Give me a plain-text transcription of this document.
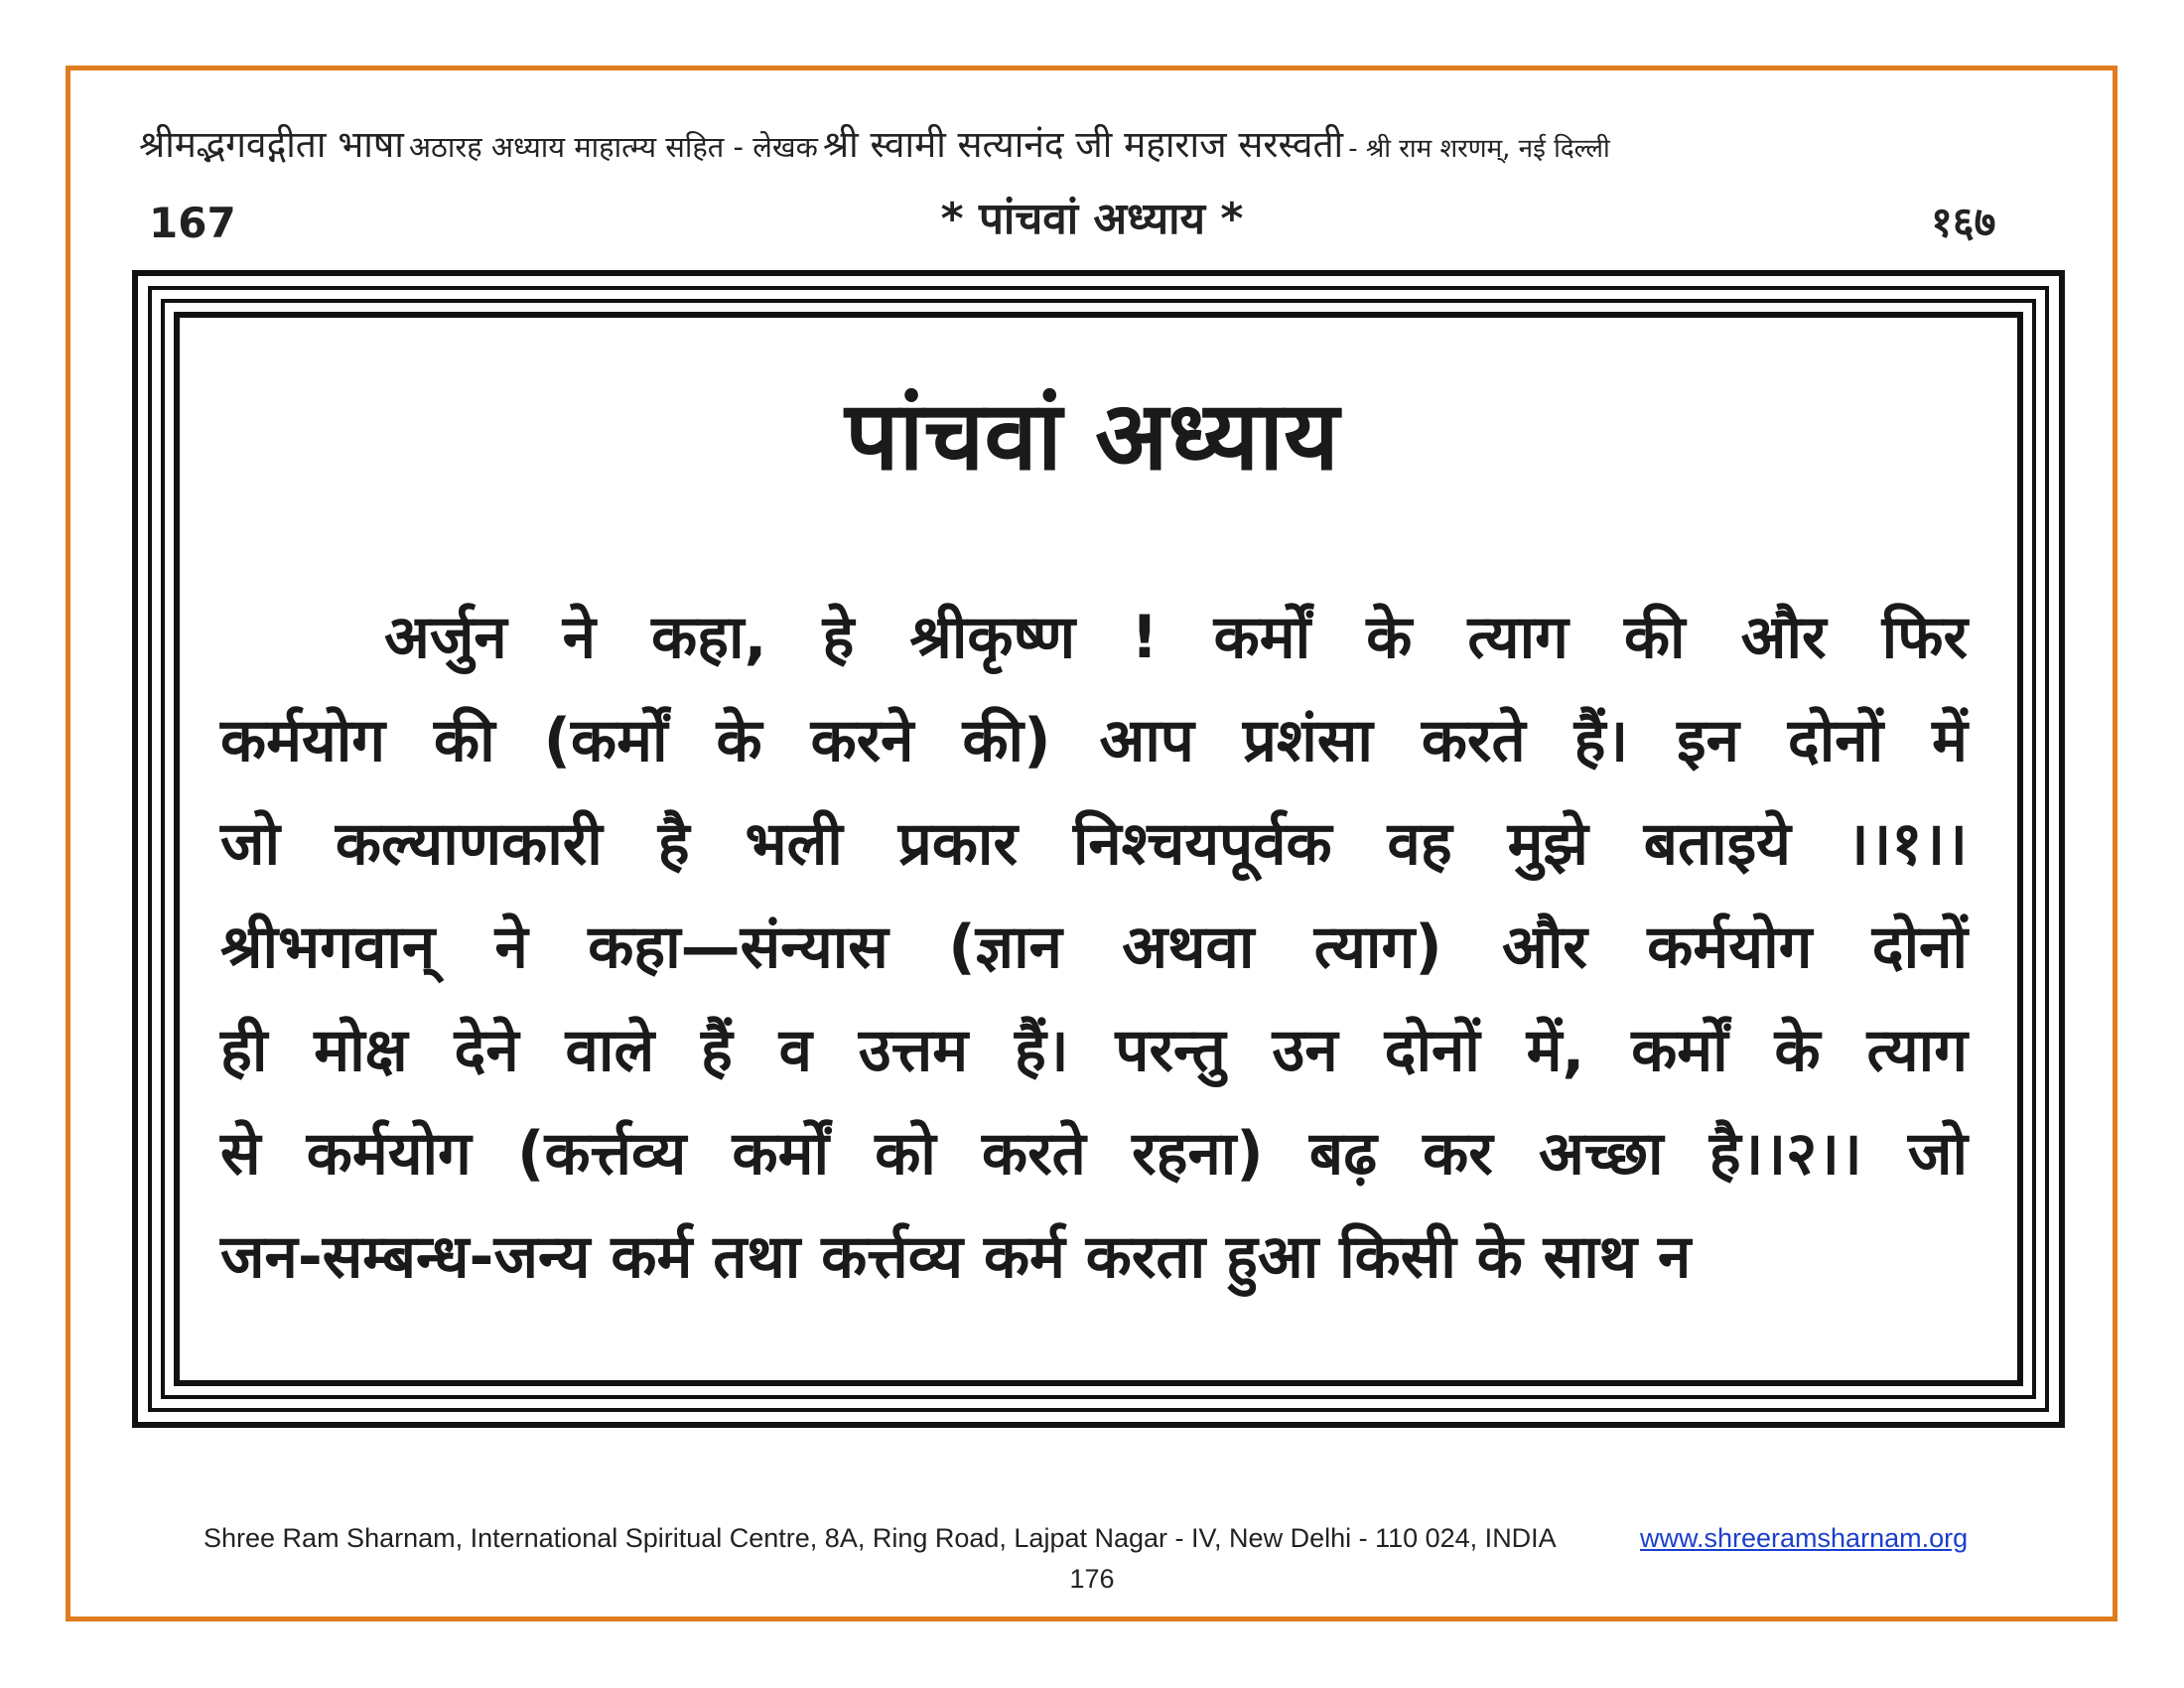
श्रीमद्भगवद्गीता भाषा अठारह अध्याय माहात्म्य सहित - लेखक श्री स्वामी सत्यानंद जी महाराज सरस्वती - श्री राम शरणम्, नई दिल्ली
167	* पांचवां अध्याय *	१६७
पांचवां अध्याय
अर्जुन ने कहा, हे श्रीकृष्ण ! कर्मों के त्याग की और फिर
कर्मयोग की (कर्मों के करने की) आप प्रशंसा करते हैं। इन दोनों में
जो कल्याणकारी है भली प्रकार निश्चयपूर्वक वह मुझे बताइये ।।१।।
श्रीभगवान् ने कहा—संन्यास (ज्ञान अथवा त्याग) और कर्मयोग दोनों
ही मोक्ष देने वाले हैं व उत्तम हैं। परन्तु उन दोनों में, कर्मों के त्याग
से कर्मयोग (कर्त्तव्य कर्मों को करते रहना) बढ़ कर अच्छा है।।२।। जो
जन-सम्बन्ध-जन्य कर्म तथा कर्त्तव्य कर्म करता हुआ किसी के साथ न
Shree Ram Sharnam, International Spiritual Centre, 8A, Ring Road, Lajpat Nagar - IV, New Delhi - 110 024, INDIA	www.shreeramsharnam.org
176
